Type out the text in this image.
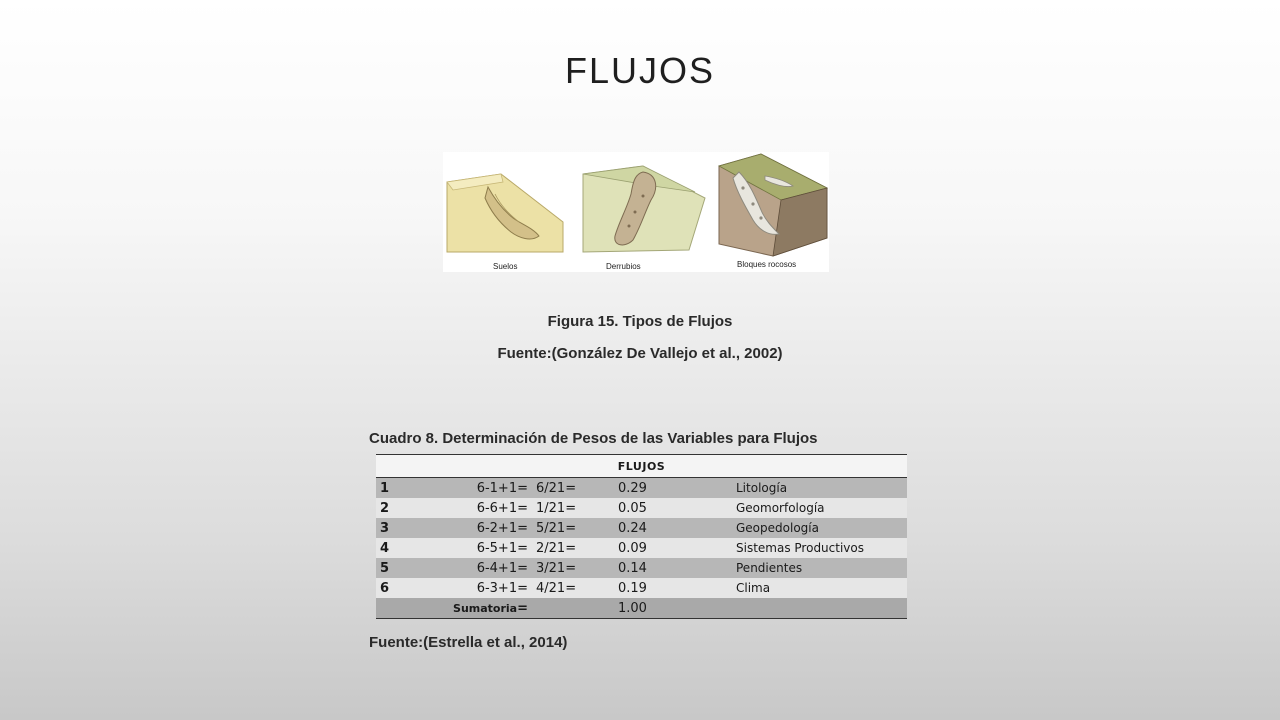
FLUJOS
Suelos	Derrubios	Bloques rocosos
Figura 15. Tipos de Flujos
Fuente:(González De Vallejo et al., 2002)
Cuadro 8. Determinación de Pesos de las Variables para Flujos
FLUJOS				
1	6-1+1=	6/21=	0.29	Litología
2	6-6+1=	1/21=	0.05	Geomorfología
3	6-2+1=	5/21=	0.24	Geopedología
4	6-5+1=	2/21=	0.09	Sistemas Productivos
5	6-4+1=	3/21=	0.14	Pendientes
6	6-3+1=	4/21=	0.19	Clima
Sumatoria=			1.00	
Fuente:(Estrella et al., 2014)
